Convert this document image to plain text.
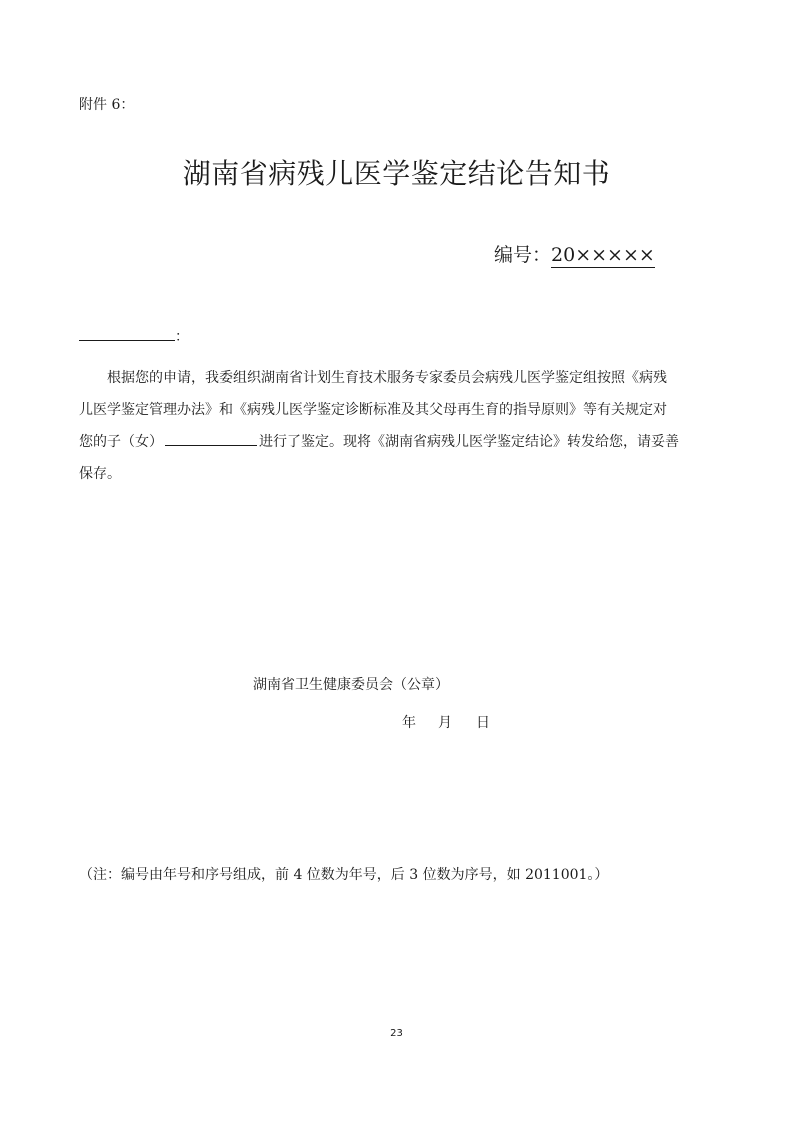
附件 6：
湖南省病残儿医学鉴定结论告知书
编号：20×××××
：
根据您的申请，我委组织湖南省计划生育技术服务专家委员会病残儿医学鉴定组按照《病残
儿医学鉴定管理办法》和《病残儿医学鉴定诊断标准及其父母再生育的指导原则》等有关规定对
您的子（女）	进行了鉴定。现将《湖南省病残儿医学鉴定结论》转发给您，请妥善
保存。
湖南省卫生健康委员会（公章）
年 月 日
（注：编号由年号和序号组成，前 4 位数为年号，后 3 位数为序号，如 2011001。）
23
